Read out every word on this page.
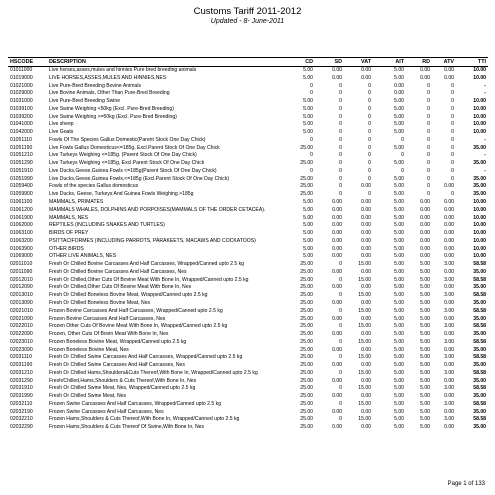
Customs Tariff 2011-2012
Updated - 8- June-2011
HSCODE	DESCRIPTION	CD	SD	VAT	AIT	RD	ATV	TTI
01011000	Live horses,asses,mules and hinnies Pure bred breeding animals	5.00	0.00	0.00	5.00	0.00	0.00	10.00
01019000	LIVE HORSES,ASSES,MULES AND HINNIES,NES	5.00	0.00	0.00	5.00	0.00	0.00	10.00
01021000	Live Pure-Bred Breeding Bovine Animals	0	0	0	0.00	0	0	-
01029000	Live Bovine Animals, Other Than Pure-Bred Breeding	0	0	0	0.00	0	0	-
01031000	Live Pure-Bred Breeding Swine	5.00	0	0	5.00	0	0	10.00
01039100	Live Swine Weighing <50kg (Excl. Pure-Bred Breeding)	5.00	0	0	5.00	0	0	10.00
01039200	Live Swine Weighing >=50kg (Excl. Pure-Bred Breeding)	5.00	0	0	5.00	0	0	10.00
01041000	Live sheep	5.00	0	0	5.00	0	0	10.00
01042000	Live Goats	5.00	0	0	5.00	0	0	10.00
01051110	Fowls Of The Species Gallus Domestic(Parent Stock One Day Chick)	0	0	0	0	0	0	-
01051190	Live Fowls Gallus Domesticus<=185g, Excl.Parent Stock Of One Day Chick	25.00	0	0	5.00	0	0	35.00
01051210	Live Turkeys Weighing <=185g. (Parent Stock Of One Day Chick)	0	0	0	0	0	0	-
01051290	Live Turkeys Weighing <=185g, Excl.Parent Stock Of One Day Chick	25.00	0	0	5.00	0	0	35.00
01051910	Live Ducks,Geese,Guinea Fowls <=185g(Parent Stock Of One Day Chick)	0	0	0	0	0	0	-
01051990	Live Ducks,Geese,Guinea Fowls,<=185g (Excl.Parent Stock Of One Day Chick)	25.00	0	0	5.00	0	0	35.00
01059400	Fowls of the species Gallus domesticus	25.00	0	0.00	5.00	0	0.00	35.00
01059900	Live Ducks, Geese, Turkeys And Guinea Fowls Weighing >185g	25.00	0	0	5.00	0	0	35.00
01061100	MAMMALS, PRIMATES	5.00	0.00	0.00	5.00	0.00	0.00	10.00
01061200	MAMMALS WHALES, DOLPHINS AND PORPOISES(MAMMALS OF THE ORDER CETACEA).	5.00	0.00	0.00	5.00	0.00	0.00	10.00
01061900	MAMMALS, NES	5.00	0.00	0.00	5.00	0.00	0.00	10.00
01062000	REPTILES (INCLUDING SNAKES AND TURTLES)	5.00	0.00	0.00	5.00	0.00	0.00	10.00
01063100	BIRDS OF PREY	5.00	0.00	0.00	5.00	0.00	0.00	10.00
01063200	PSITTACIFORMES (INCLUDING PARROTS, PARAKEETS, MACAWS AND COCKATOOS)	5.00	0.00	0.00	5.00	0.00	0.00	10.00
01063900	OTHER BIRDS	5.00	0.00	0.00	5.00	0.00	0.00	10.00
01069000	OTHER LIVE ANIMALS, NES	5.00	0.00	0.00	5.00	0.00	0.00	10.00
02011010	Fresh Or Chilled Bovine Carcasses And Half Carcasses, Wrapped/Canned upto 2.5 kg	25.00	0	15.00	5.00	5.00	3.00	58.58
02011090	Fresh Or Chilled Bovine Carcasses And Half Carcasses, Nes	25.00	0.00	0.00	5.00	5.00	0.00	35.00
02012010	Fresh Or Chilled,Other Cuts Of Bovine Meat With Bone In, Wrapped/Canned upto 2.5 kg	25.00	0	15.00	5.00	5.00	3.00	58.58
02012090	Fresh Or Chilled,Other Cuts Of Bovine Meat With Bone In, Nes	25.00	0.00	0.00	5.00	5.00	0.00	35.00
02013010	Fresh Or Chilled Boneless Bovine Meat, Wrapped/Canned upto 2.5 kg	25.00	0	15.00	5.00	5.00	3.00	58.58
02013090	Fresh Or Chilled Boneless Bovine Meat, Nes	25.00	0.00	0.00	5.00	5.00	0.00	35.00
02021010	Frozen Bovine Carcasses And Half Carcasses, Wrapped/Canned upto 2.5 kg	25.00	0	15.00	5.00	5.00	3.00	58.58
02021090	Frozen Bovine Carcasses And Half Carcasses, Nes	25.00	0.00	0.00	5.00	5.00	0.00	35.00
02022010	Frozen Other Cuts Of Bovine Meat With Bone In, Wrapped/Canned upto 2.5 kg	25.00	0	15.00	5.00	5.00	3.00	58.58
02022090	Frozen, Other Cuts Of Bovin Meat With Bone In, Nes	25.00	0.00	0.00	5.00	5.00	0.00	35.00
02023010	Frozen Boneless Bovine Meat, Wrapped/Canned upto 2.5 kg	25.00	0	15.00	5.00	5.00	3.00	58.58
02023090	Frozen Boneless Bovine Meat, Nes	25.00	0.00	0.00	5.00	5.00	0.00	35.00
02031110	Fresh Or Chilled Swine Carcasses And Half Carcasses, Wrapped/Canned upto 2.5 kg	25.00	0	15.00	5.00	5.00	3.00	58.58
02031190	Fresh Or Chilled Swine Carcasses And Half Carcasses, Nes	25.00	0.00	0.00	5.00	5.00	0.00	35.00
02031210	Fresh Or Chilled Hams,Shoulders&Cuts Thereof,With Bone In, Wrapped/Canned upto 2.5 kg	25.00	0	15.00	5.00	5.00	3.00	58.58
02031290	Fresh/Chilled,Hams,Shoulders & Cuts Thereof,With Bone In, Nes	25.00	0.00	0.00	5.00	5.00	0.00	35.00
02031910	Fresh Or Chilled Swine Meat, Nes, Wrapped/Canned upto 2.5 kg	25.00	0	15.00	5.00	5.00	3.00	58.58
02031990	Fresh Or Chilled Swine Meat, Nes	25.00	0.00	0.00	5.00	5.00	0.00	35.00
02032110	Frozen Swine Carcasses And Half Carcasses, Wrapped/Canned upto 2.5 kg	25.00	0	15.00	5.00	5.00	3.00	58.58
02032190	Frozen Swine Carcasses And Half Carcasses, Nes	25.00	0.00	0.00	5.00	5.00	0.00	35.00
02032210	Frozen Hams,Shoulders & Cuts Thereof,With Bone In, Wrapped/Canned upto 2.5 kg	25.00	0	15.00	5.00	5.00	3.00	58.58
02032290	Frozen Hams,Shoulders & Cuts Thereof Of Swine,With Bone In, Nes	25.00	0.00	0.00	5.00	5.00	0.00	35.00
Page 1 of 133
